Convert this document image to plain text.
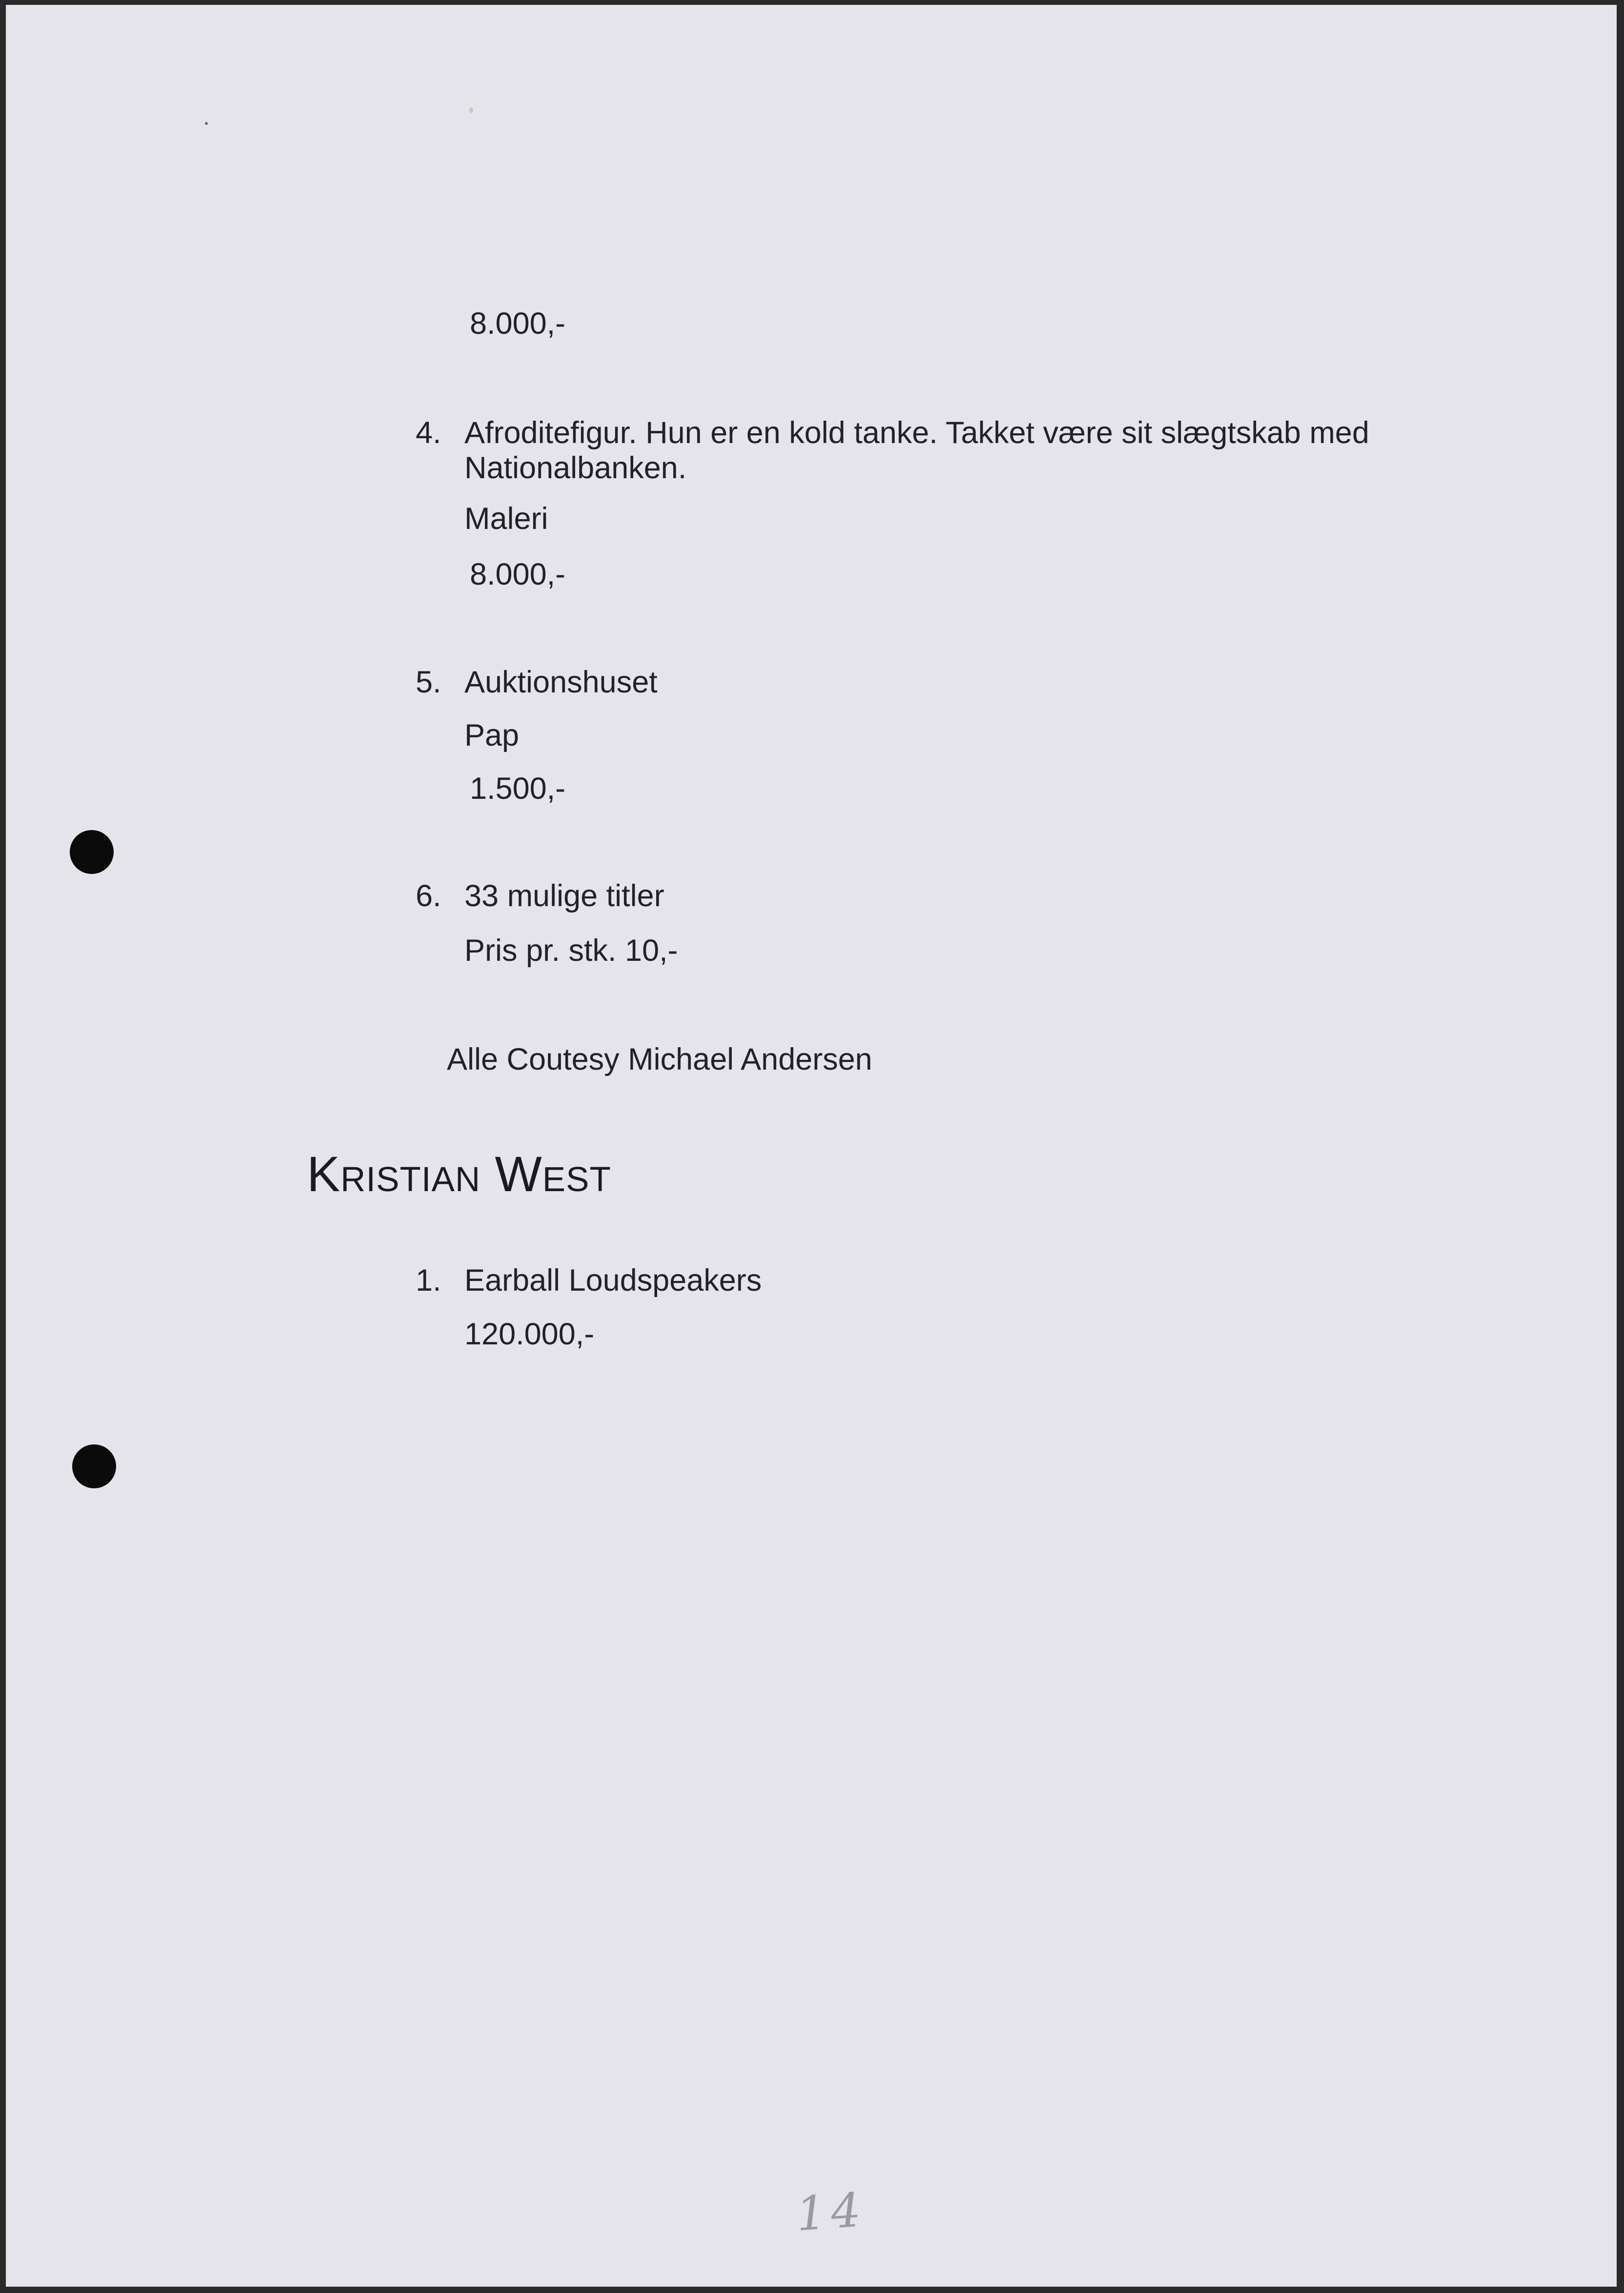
8.000,-
4. Afroditefigur. Hun er en kold tanke. Takket være sit slægtskab med
Nationalbanken.
Maleri
8.000,-
5. Auktionshuset
Pap
1.500,-
6. 33 mulige titler
Pris pr. stk. 10,-
Alle Coutesy Michael Andersen
Kristian West
1. Earball Loudspeakers
120.000,-
14
